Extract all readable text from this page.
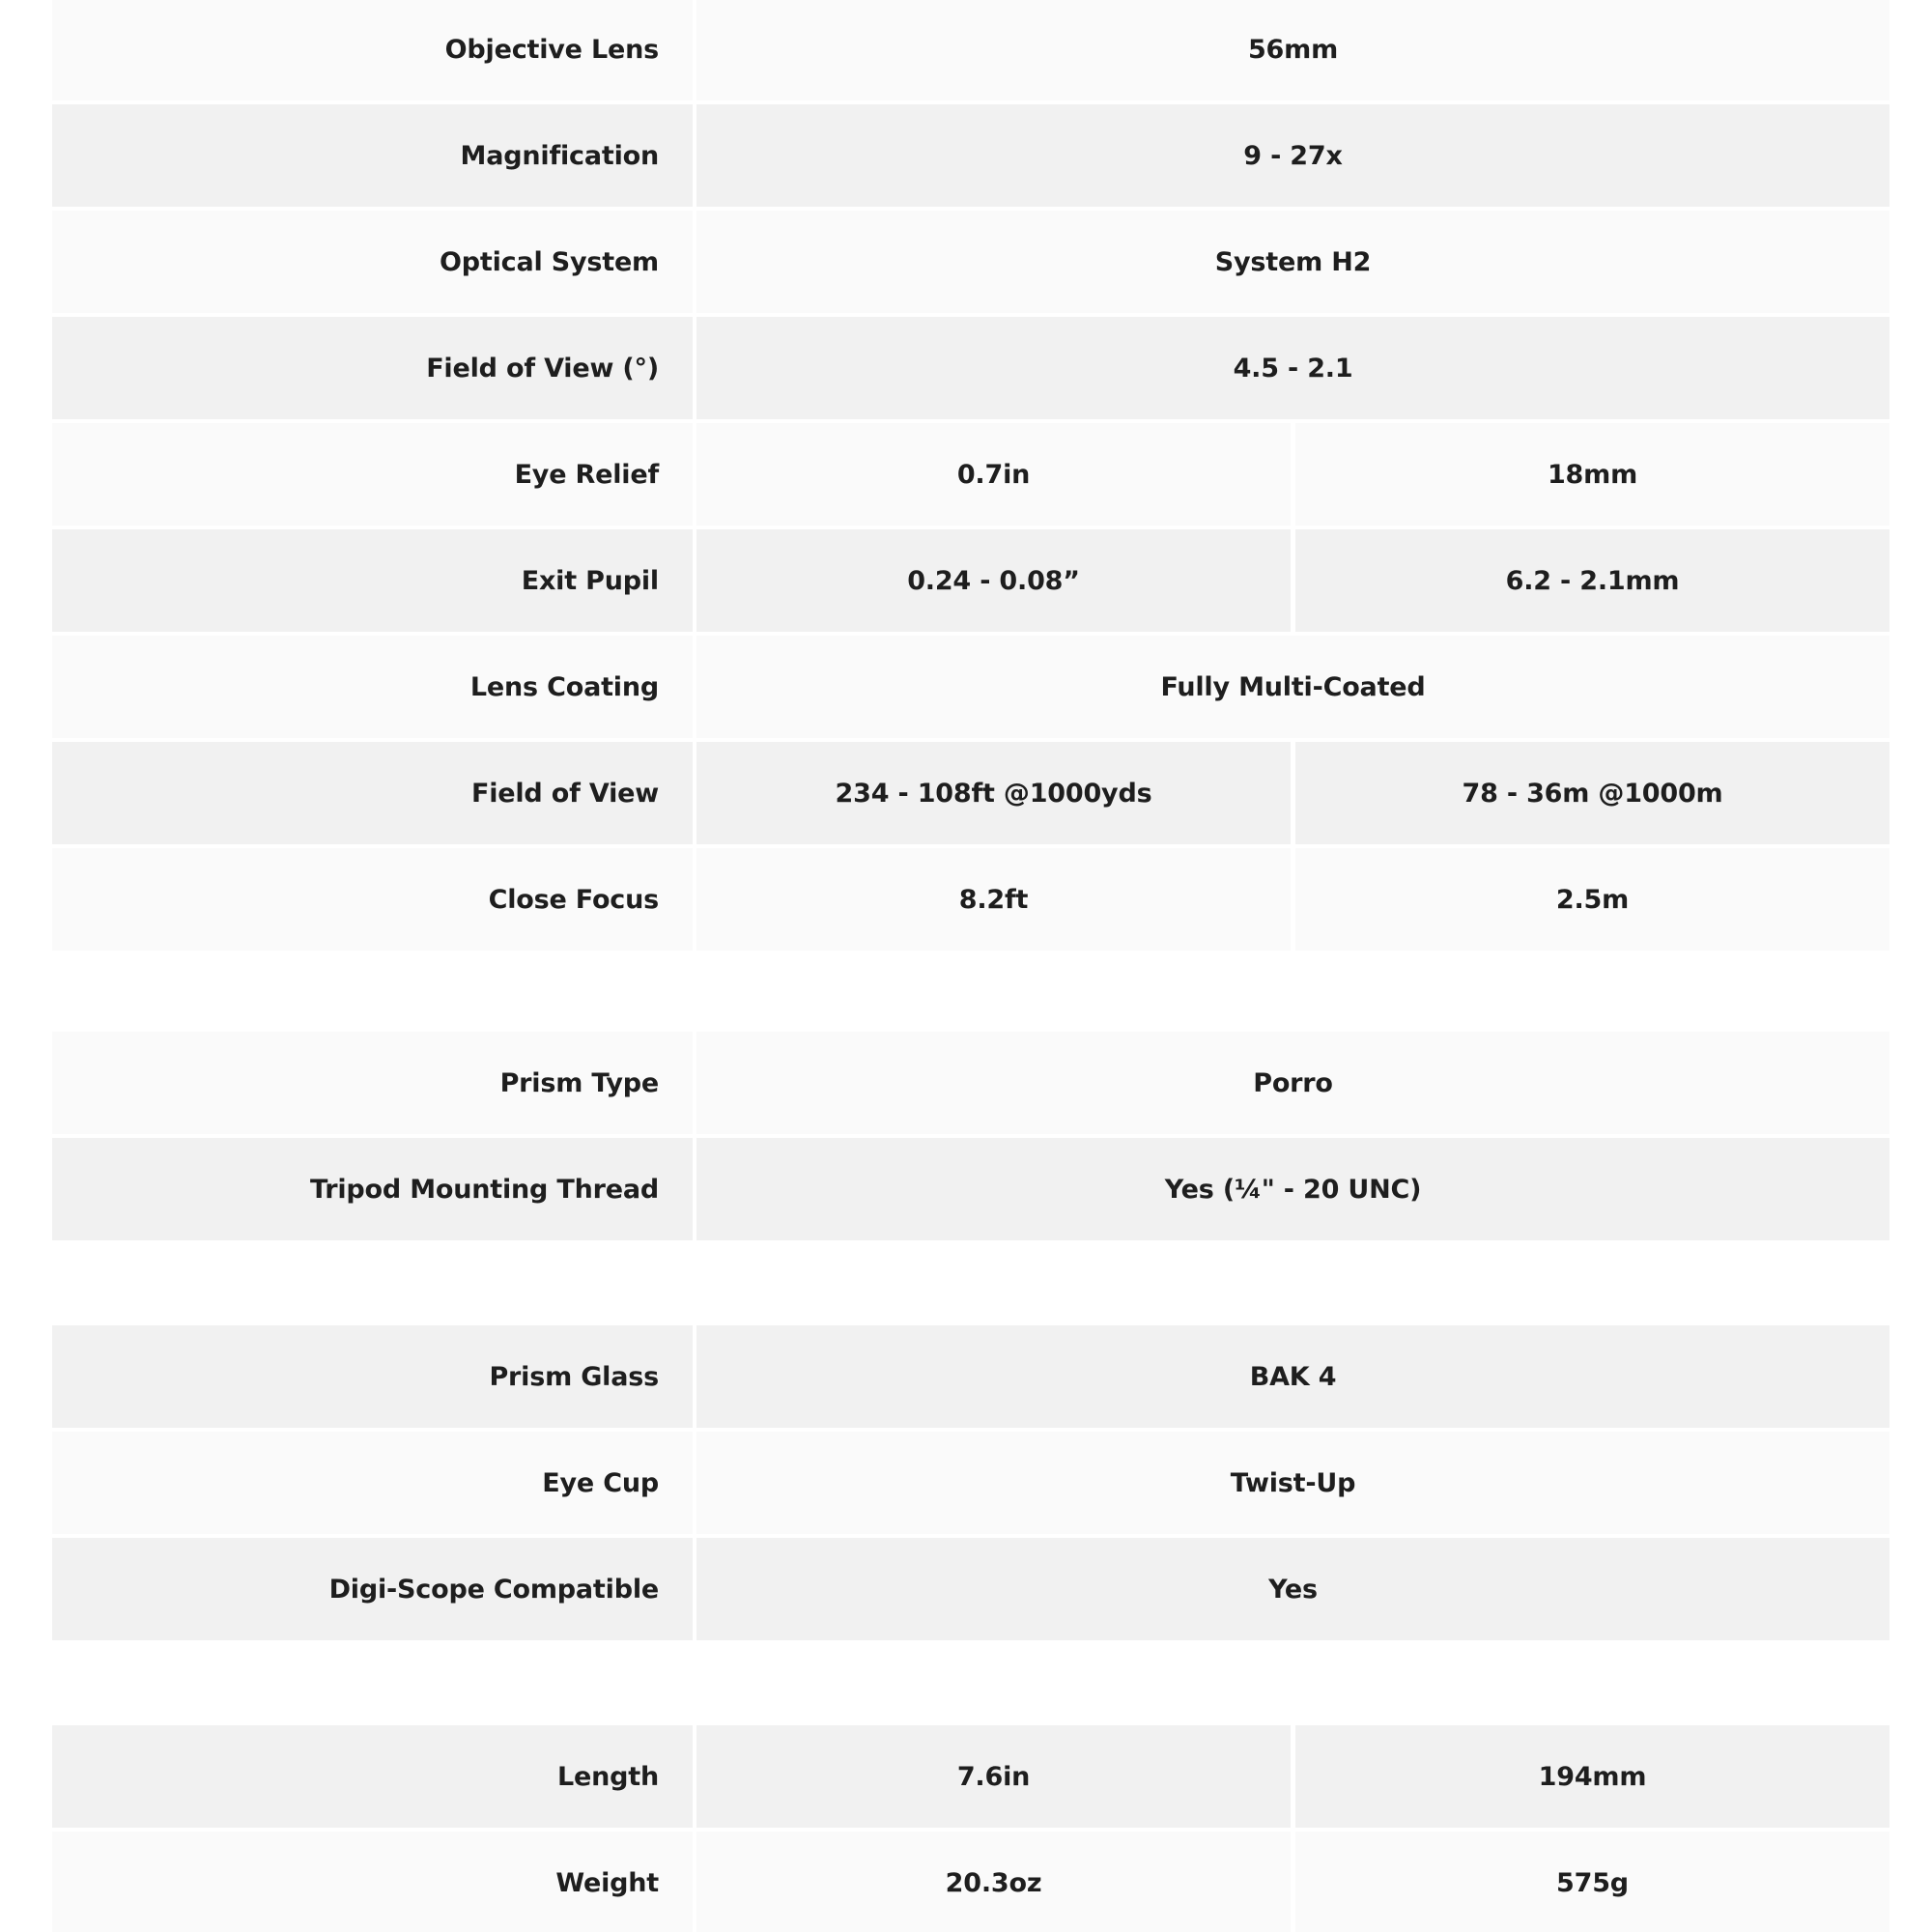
Objective Lens	56mm
Magnification	9 - 27x
Optical System	System H2
Field of View (°)	4.5 - 2.1
Eye Relief	0.7in	18mm
Exit Pupil	0.24 - 0.08”	6.2 - 2.1mm
Lens Coating	Fully Multi-Coated
Field of View	234 - 108ft @1000yds	78 - 36m @1000m
Close Focus	8.2ft	2.5m
Prism Type	Porro
Tripod Mounting Thread	Yes (¼" - 20 UNC)
Prism Glass	BAK 4
Eye Cup	Twist-Up
Digi-Scope Compatible	Yes
Length	7.6in	194mm
Weight	20.3oz	575g
